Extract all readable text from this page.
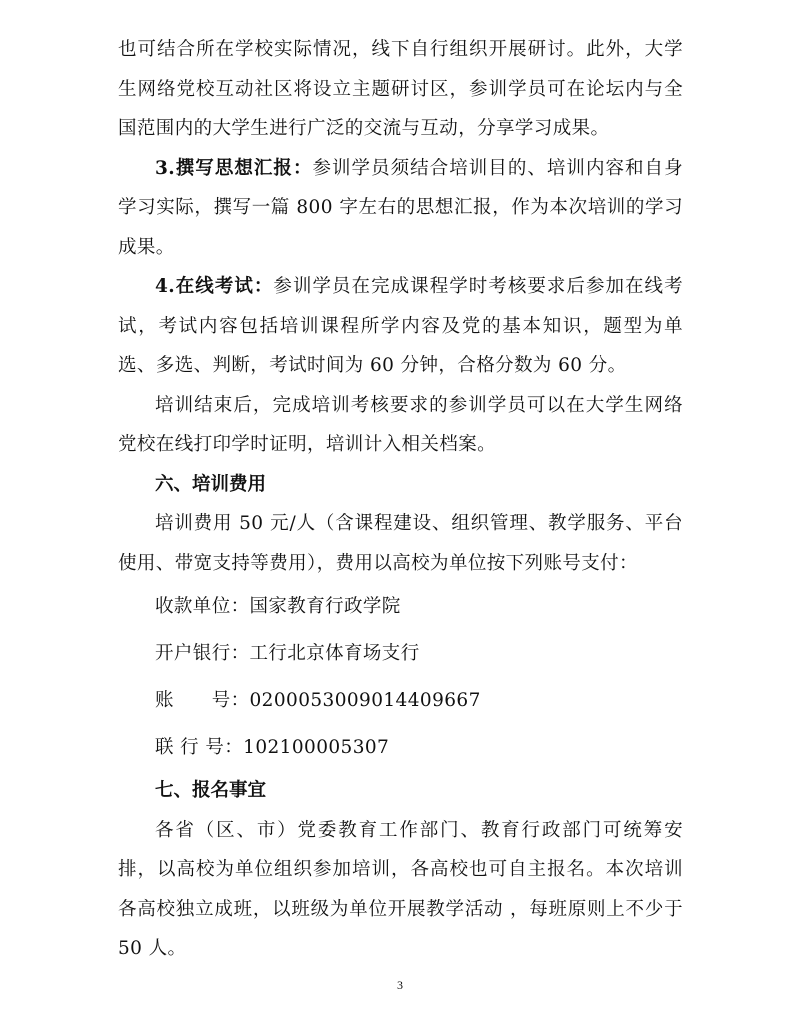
也可结合所在学校实际情况，线下自行组织开展研讨。此外，大学生网络党校互动社区将设立主题研讨区，参训学员可在论坛内与全国范围内的大学生进行广泛的交流与互动，分享学习成果。

3.撰写思想汇报：参训学员须结合培训目的、培训内容和自身学习实际，撰写一篇 800 字左右的思想汇报，作为本次培训的学习成果。

4.在线考试：参训学员在完成课程学时考核要求后参加在线考试，考试内容包括培训课程所学内容及党的基本知识，题型为单选、多选、判断，考试时间为 60 分钟，合格分数为 60 分。

培训结束后，完成培训考核要求的参训学员可以在大学生网络党校在线打印学时证明，培训计入相关档案。

六、培训费用

培训费用 50 元/人（含课程建设、组织管理、教学服务、平台使用、带宽支持等费用），费用以高校为单位按下列账号支付：

收款单位：国家教育行政学院

开户银行：工行北京体育场支行

账　　号：0200053009014409667

联 行 号：102100005307

七、报名事宜

各省（区、市）党委教育工作部门、教育行政部门可统筹安排，以高校为单位组织参加培训，各高校也可自主报名。本次培训各高校独立成班，以班级为单位开展教学活动 ，每班原则上不少于 50 人。

3
